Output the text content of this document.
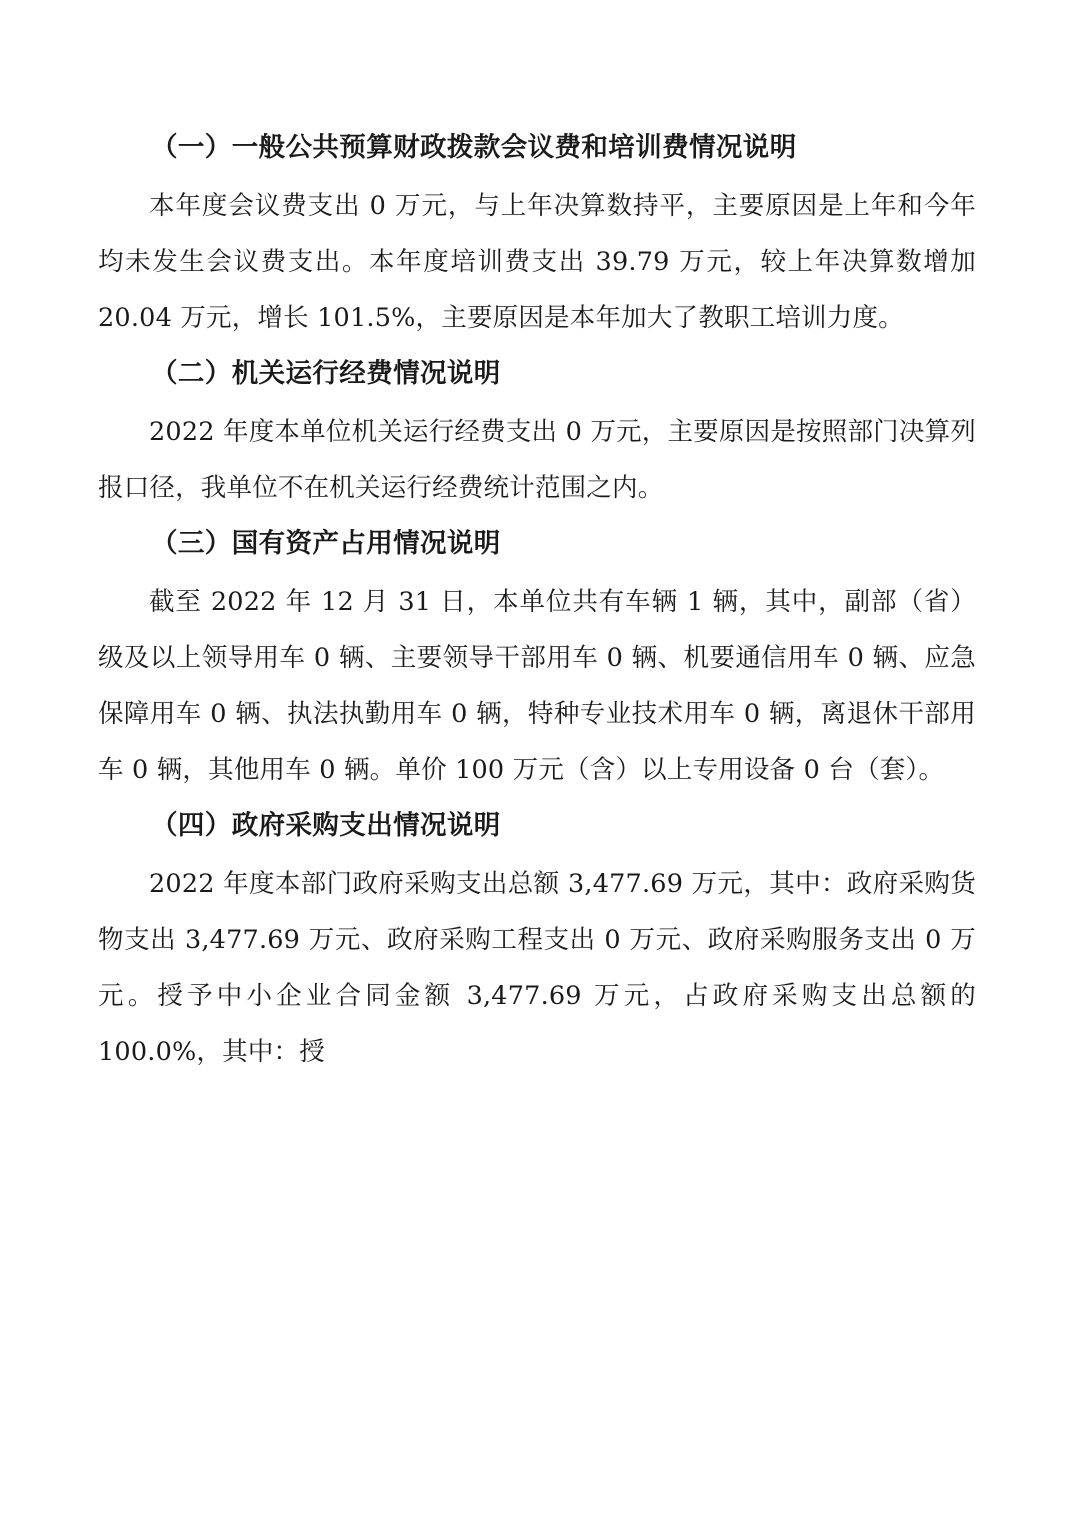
（一）一般公共预算财政拨款会议费和培训费情况说明

本年度会议费支出 0 万元，与上年决算数持平，主要原因是上年和今年均未发生会议费支出。本年度培训费支出 39.79 万元，较上年决算数增加 20.04 万元，增长 101.5%，主要原因是本年加大了教职工培训力度。

（二）机关运行经费情况说明

2022 年度本单位机关运行经费支出 0 万元，主要原因是按照部门决算列报口径，我单位不在机关运行经费统计范围之内。

（三）国有资产占用情况说明

截至 2022 年 12 月 31 日，本单位共有车辆 1 辆，其中，副部（省）级及以上领导用车 0 辆、主要领导干部用车 0 辆、机要通信用车 0 辆、应急保障用车 0 辆、执法执勤用车 0 辆，特种专业技术用车 0 辆，离退休干部用车 0 辆，其他用车 0 辆。单价 100 万元（含）以上专用设备 0 台（套）。

（四）政府采购支出情况说明

2022 年度本部门政府采购支出总额 3,477.69 万元，其中：政府采购货物支出 3,477.69 万元、政府采购工程支出 0 万元、政府采购服务支出 0 万元。授予中小企业合同金额 3,477.69 万元，占政府采购支出总额的 100.0%，其中：授
